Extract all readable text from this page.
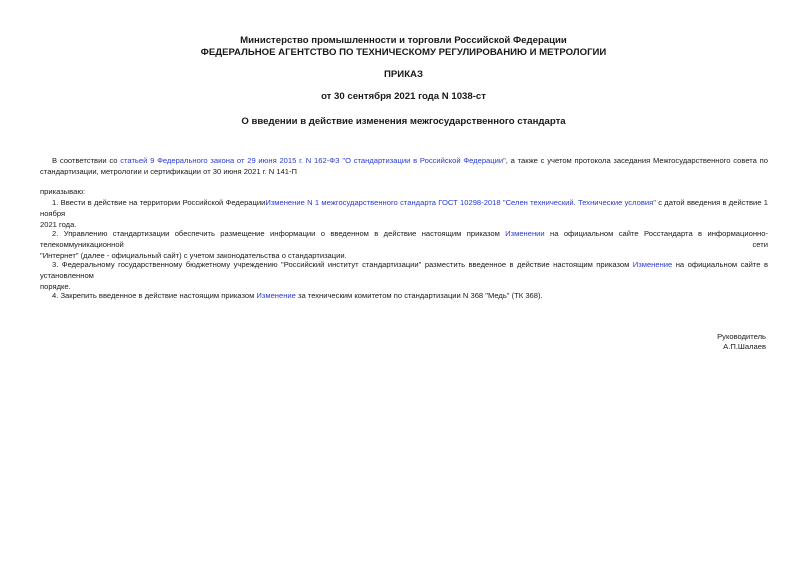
Министерство промышленности и торговли Российской Федерации
ФЕДЕРАЛЬНОЕ АГЕНТСТВО ПО ТЕХНИЧЕСКОМУ РЕГУЛИРОВАНИЮ И МЕТРОЛОГИИ
ПРИКАЗ
от 30 сентября 2021 года N 1038-ст
О введении в действие изменения межгосударственного стандарта
В соответствии со статьей 9 Федерального закона от 29 июня 2015 г. N 162-ФЗ "О стандартизации в Российской Федерации", а также с учетом протокола заседания Межгосударственного совета по
стандартизации, метрологии и сертификации от 30 июня 2021 г. N 141-П
приказываю:
1. Ввести в действие на территории Российской ФедерацииИзменение N 1 межгосударственного стандарта ГОСТ 10298-2018 "Селен технический. Технические условия" с датой введения в действие 1 ноября
2021 года.
2. Управлению стандартизации обеспечить размещение информации о введенном в действие настоящим приказом Изменении на официальном сайте Росстандарта в информационно-телекоммуникационной сети
"Интернет" (далее - официальный сайт) с учетом законодательства о стандартизации.
3. Федеральному государственному бюджетному учреждению "Российский институт стандартизации" разместить введенное в действие настоящим приказом Изменение на официальном сайте в установленном
порядке.
4. Закрепить введенное в действие настоящим приказом Изменение за техническим комитетом по стандартизации N 368 "Медь" (ТК 368).
Руководитель
А.П.Шалаев
